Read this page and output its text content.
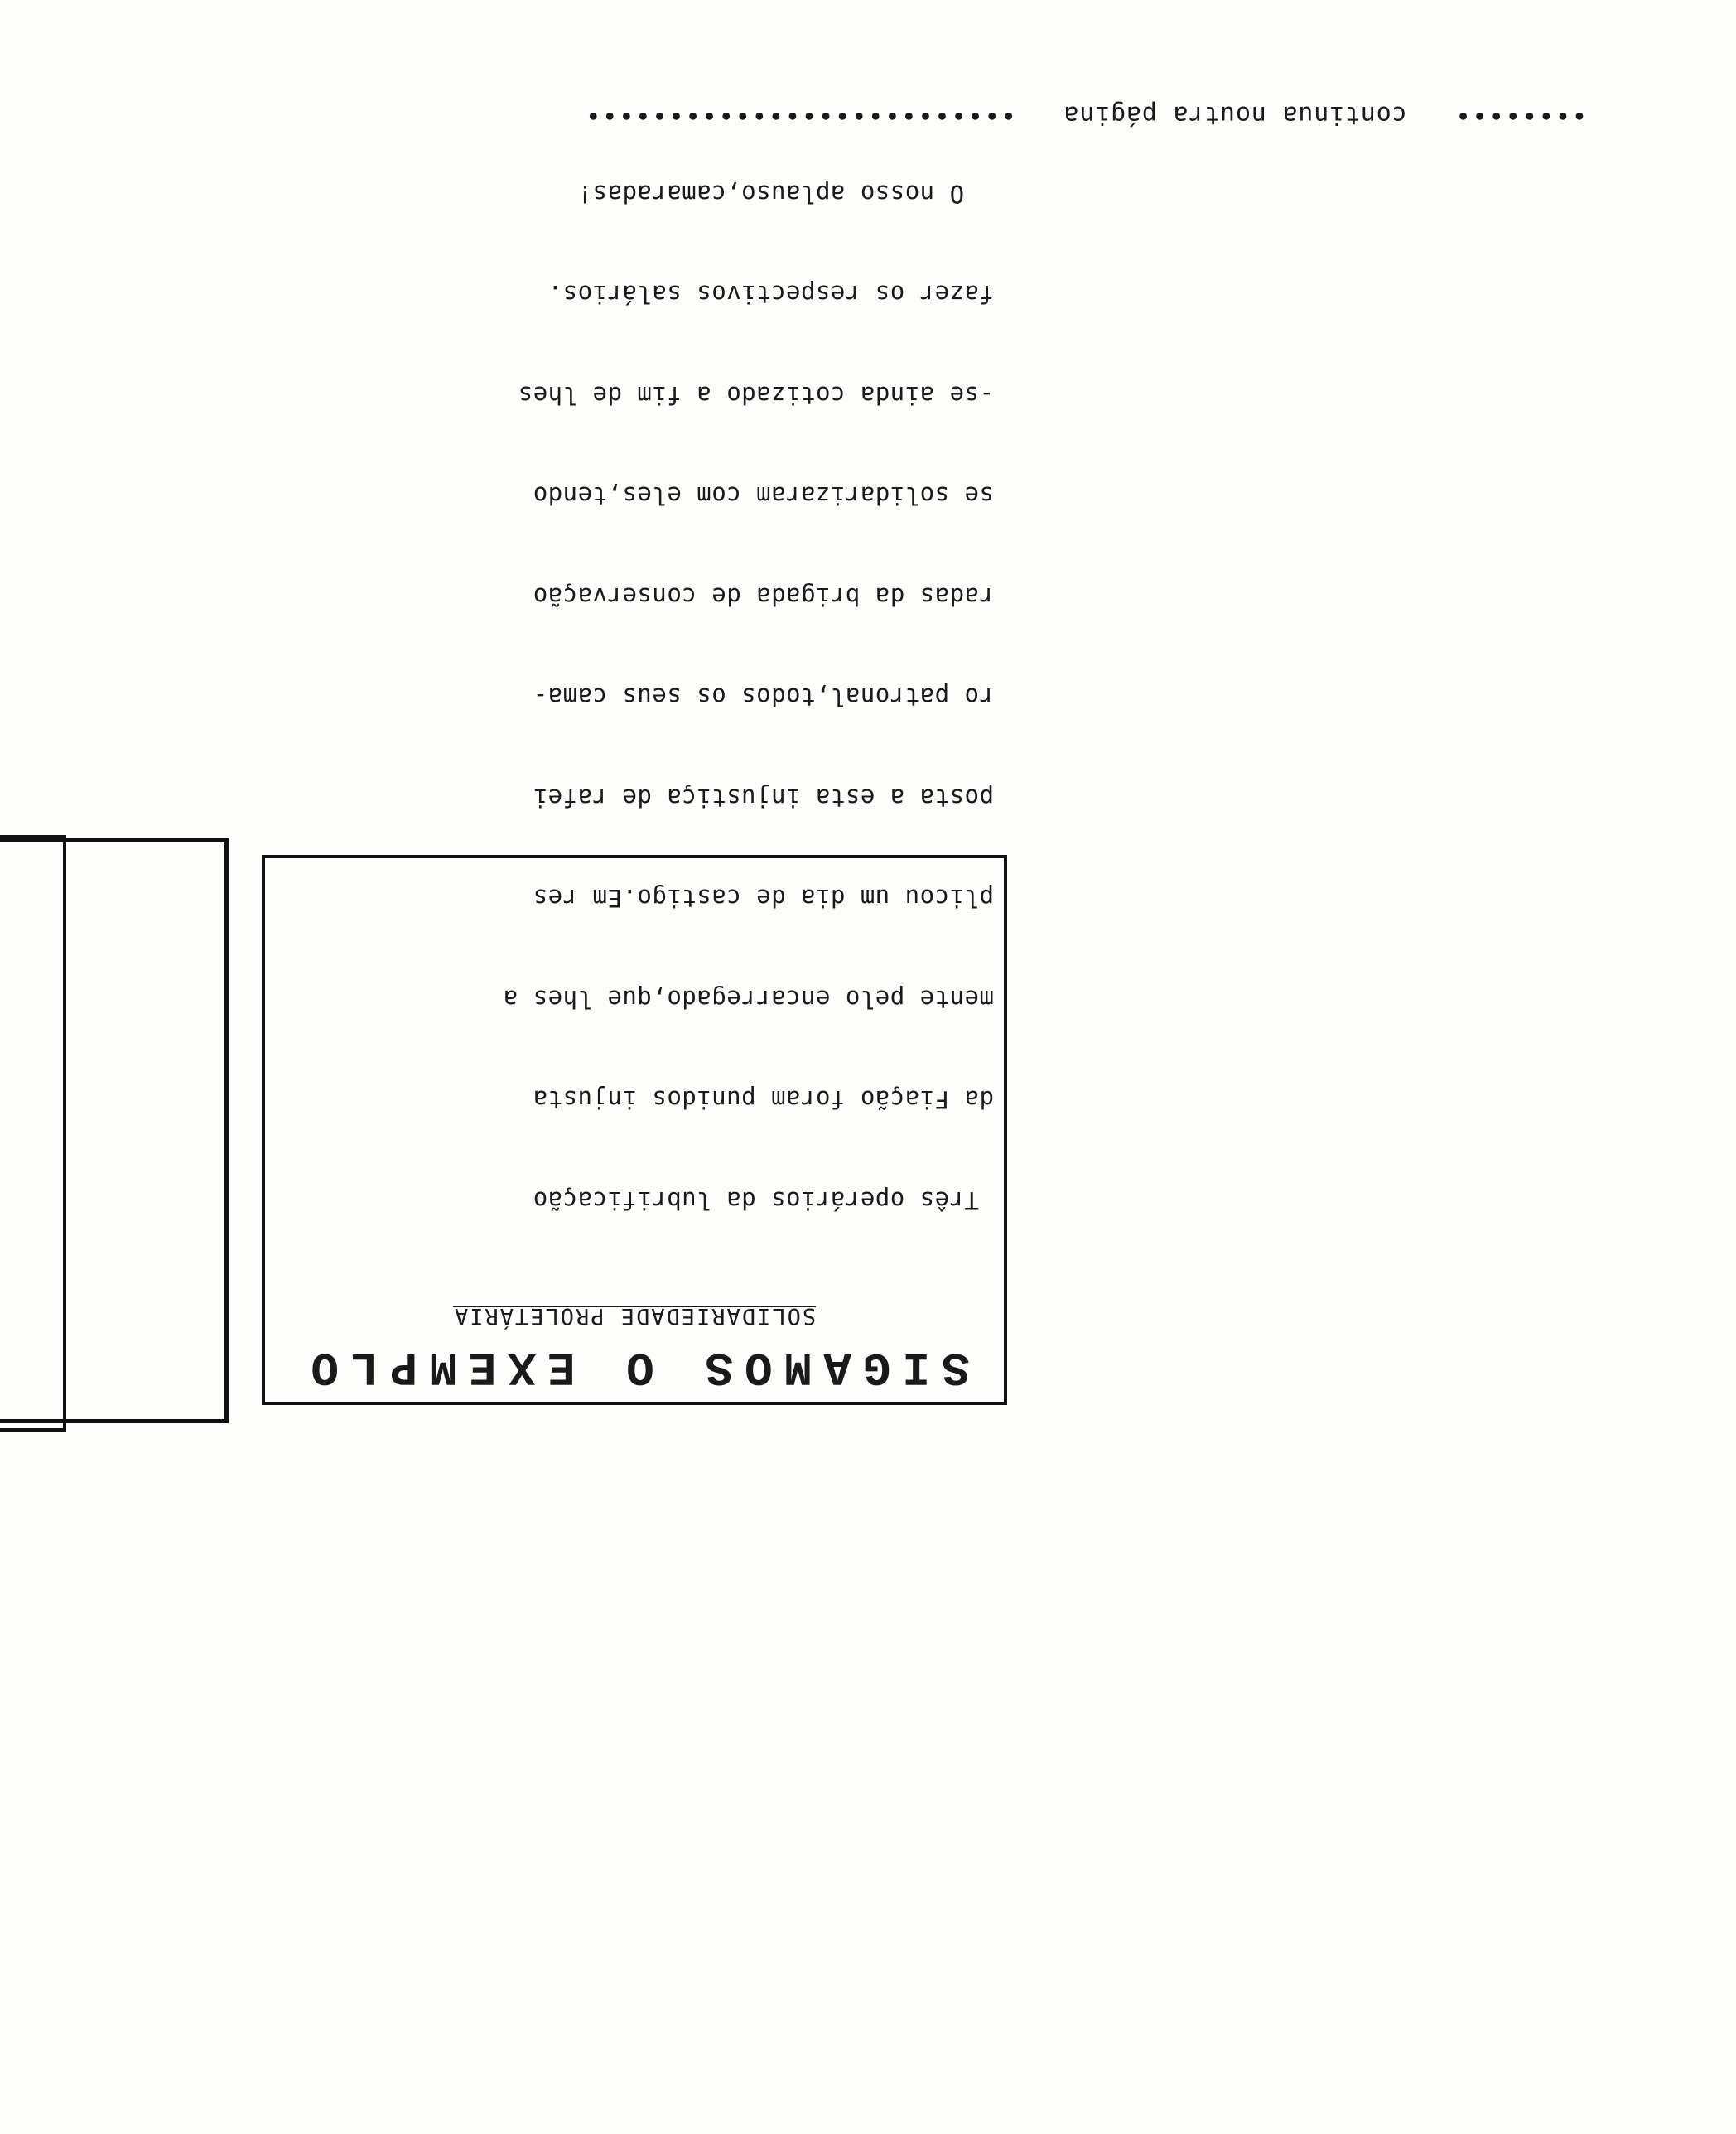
SIGAMOS O EXEMPLO
SOLIDARIEDADE PROLETÁRIA

Três operários da lubrificação

da Fiação foram punidos injusta

mente pelo encarregado,que lhes a

plicou um dia de castigo.Em res

posta a esta injustiça de rafei

ro patronal,todos os seus cama-

radas da brigada de conservação

se solidarizaram com eles,tendo

-se ainda cotizado a fim de lhes

fazer os respectivos salários.

O nosso aplauso,camaradas!

•••••••• continua noutra página ••••••••••••••••••••••••••
